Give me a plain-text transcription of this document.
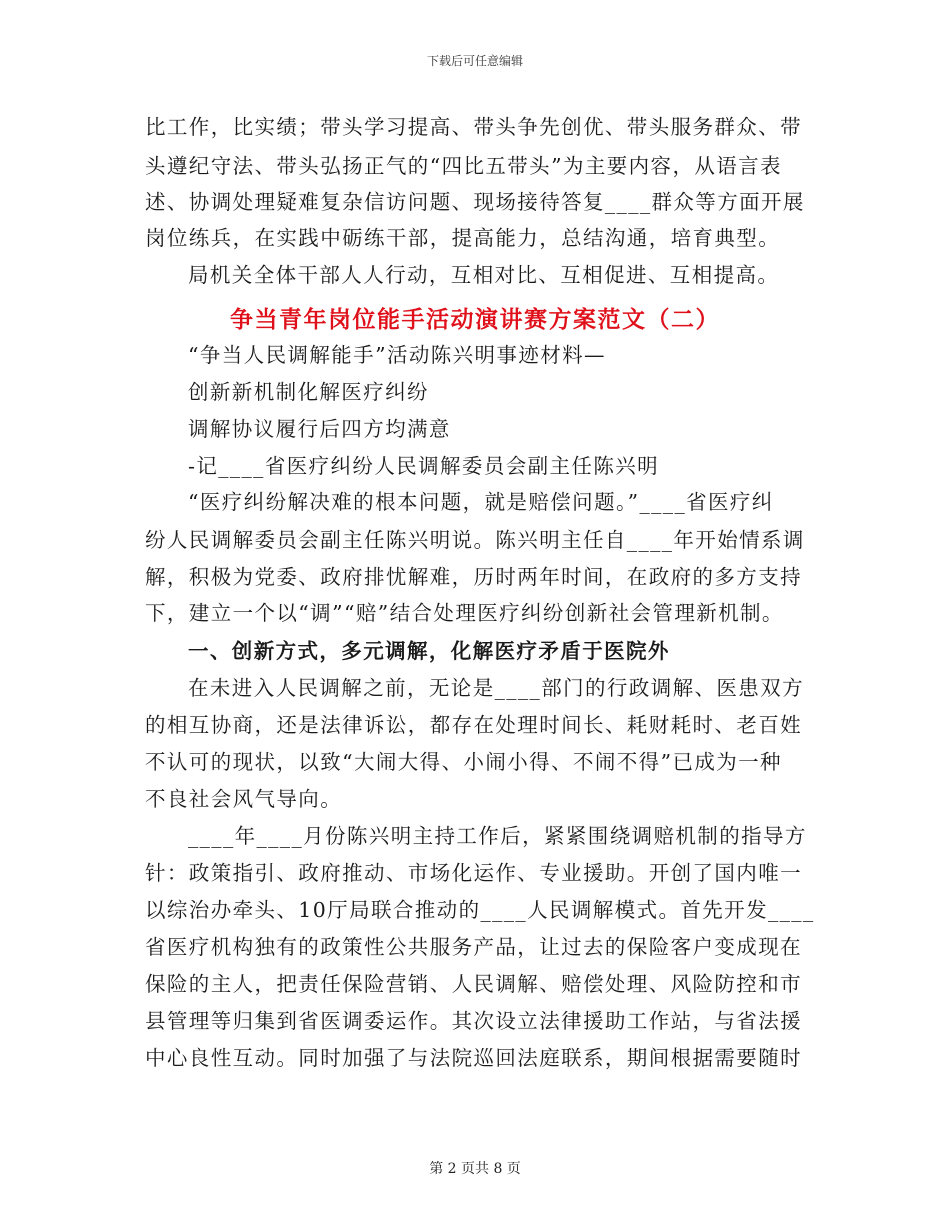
下载后可任意编辑
比工作，比实绩；带头学习提高、带头争先创优、带头服务群众、带
头遵纪守法、带头弘扬正气的“四比五带头”为主要内容，从语言表
述、协调处理疑难复杂信访问题、现场接待答复____群众等方面开展
岗位练兵，在实践中砺练干部，提高能力，总结沟通，培育典型。
局机关全体干部人人行动，互相对比、互相促进、互相提高。
争当青年岗位能手活动演讲赛方案范文（二）
“争当人民调解能手”活动陈兴明事迹材料—
创新新机制化解医疗纠纷
调解协议履行后四方均满意
-记____省医疗纠纷人民调解委员会副主任陈兴明
“医疗纠纷解决难的根本问题，就是赔偿问题。”____省医疗纠
纷人民调解委员会副主任陈兴明说。陈兴明主任自____年开始情系调
解，积极为党委、政府排忧解难，历时两年时间，在政府的多方支持
下，建立一个以“调”“赔”结合处理医疗纠纷创新社会管理新机制。
一、创新方式，多元调解，化解医疗矛盾于医院外
在未进入人民调解之前，无论是____部门的行政调解、医患双方
的相互协商，还是法律诉讼，都存在处理时间长、耗财耗时、老百姓
不认可的现状，以致“大闹大得、小闹小得、不闹不得”已成为一种
不良社会风气导向。
____年____月份陈兴明主持工作后，紧紧围绕调赔机制的指导方
针：政策指引、政府推动、市场化运作、专业援助。开创了国内唯一
以综治办牵头、10厅局联合推动的____人民调解模式。首先开发____
省医疗机构独有的政策性公共服务产品，让过去的保险客户变成现在
保险的主人，把责任保险营销、人民调解、赔偿处理、风险防控和市
县管理等归集到省医调委运作。其次设立法律援助工作站，与省法援
中心良性互动。同时加强了与法院巡回法庭联系，期间根据需要随时
第 2 页共 8 页
